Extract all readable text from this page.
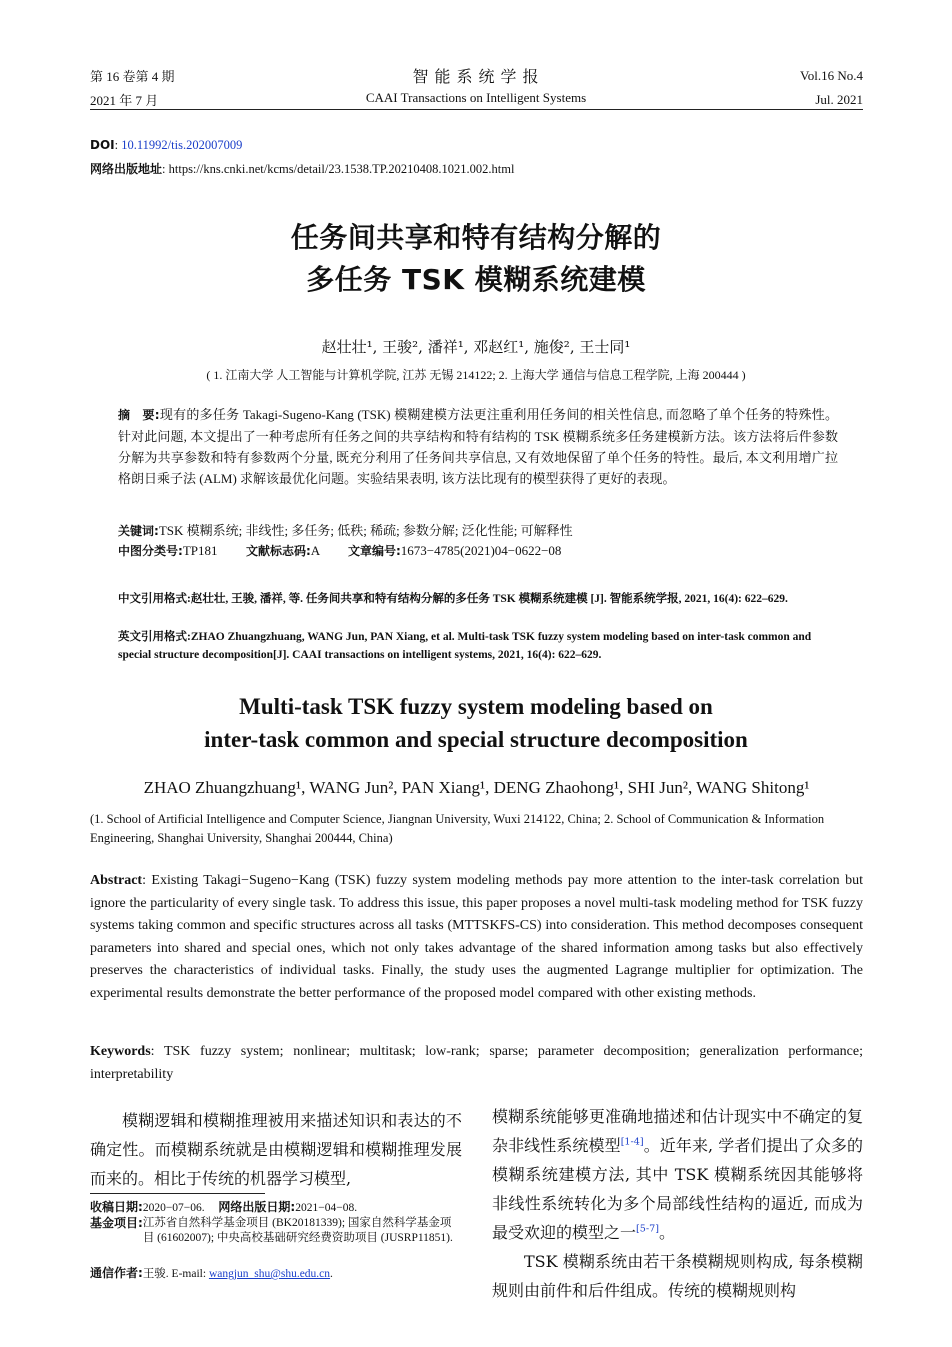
第 16 卷第 4 期
2021 年 7 月
智 能 系 统 学 报
CAAI Transactions on Intelligent Systems
Vol.16 No.4
Jul. 2021
DOI: 10.11992/tis.202007009
网络出版地址: https://kns.cnki.net/kcms/detail/23.1538.TP.20210408.1021.002.html
任务间共享和特有结构分解的
多任务 TSK 模糊系统建模
赵壮壮¹, 王骏², 潘祥¹, 邓赵红¹, 施俊², 王士同¹
( 1. 江南大学 人工智能与计算机学院, 江苏 无锡 214122; 2. 上海大学 通信与信息工程学院, 上海 200444 )
摘　要:现有的多任务 Takagi-Sugeno-Kang (TSK) 模糊建模方法更注重利用任务间的相关性信息, 而忽略了单个任务的特殊性。针对此问题, 本文提出了一种考虑所有任务之间的共享结构和特有结构的 TSK 模糊系统多任务建模新方法。该方法将后件参数分解为共享参数和特有参数两个分量, 既充分利用了任务间共享信息, 又有效地保留了单个任务的特性。最后, 本文利用增广拉格朗日乘子法 (ALM) 求解该最优化问题。实验结果表明, 该方法比现有的模型获得了更好的表现。
关键词:TSK 模糊系统; 非线性; 多任务; 低秩; 稀疏; 参数分解; 泛化性能; 可解释性
中图分类号:TP181 文献标志码:A 文章编号:1673−4785(2021)04−0622−08
中文引用格式:赵壮壮, 王骏, 潘祥, 等. 任务间共享和特有结构分解的多任务 TSK 模糊系统建模 [J]. 智能系统学报, 2021, 16(4): 622–629.
英文引用格式:ZHAO Zhuangzhuang, WANG Jun, PAN Xiang, et al. Multi-task TSK fuzzy system modeling based on inter-task common and special structure decomposition[J]. CAAI transactions on intelligent systems, 2021, 16(4): 622–629.
Multi-task TSK fuzzy system modeling based on
inter-task common and special structure decomposition
ZHAO Zhuangzhuang¹, WANG Jun², PAN Xiang¹, DENG Zhaohong¹, SHI Jun², WANG Shitong¹
(1. School of Artificial Intelligence and Computer Science, Jiangnan University, Wuxi 214122, China; 2. School of Communication & Information Engineering, Shanghai University, Shanghai 200444, China)
Abstract: Existing Takagi−Sugeno−Kang (TSK) fuzzy system modeling methods pay more attention to the inter-task correlation but ignore the particularity of every single task. To address this issue, this paper proposes a novel multi-task modeling method for TSK fuzzy systems taking common and specific structures across all tasks (MTTSKFS-CS) into consideration. This method decomposes consequent parameters into shared and special ones, which not only takes advantage of the shared information among tasks but also effectively preserves the characteristics of individual tasks. Finally, the study uses the augmented Lagrange multiplier for optimization. The experimental results demonstrate the better performance of the proposed model compared with other existing methods.
Keywords: TSK fuzzy system; nonlinear; multitask; low-rank; sparse; parameter decomposition; generalization performance; interpretability
模糊逻辑和模糊推理被用来描述知识和表达的不确定性。而模糊系统就是由模糊逻辑和模糊推理发展而来的。相比于传统的机器学习模型,
收稿日期:2020−07−06. 网络出版日期:2021−04−08.
基金项目: 江苏省自然科学基金项目 (BK20181339); 国家自然科学基金项目 (61602007); 中央高校基础研究经费资助项目 (JUSRP11851).
通信作者:王骏. E-mail: wangjun_shu@shu.edu.cn.
模糊系统能够更准确地描述和估计现实中不确定的复杂非线性系统模型[1-4]。近年来, 学者们提出了众多的模糊系统建模方法, 其中 TSK 模糊系统因其能够将非线性系统转化为多个局部线性结构的逼近, 而成为最受欢迎的模型之一[5-7]。
TSK 模糊系统由若干条模糊规则构成, 每条模糊规则由前件和后件组成。传统的模糊规则构
